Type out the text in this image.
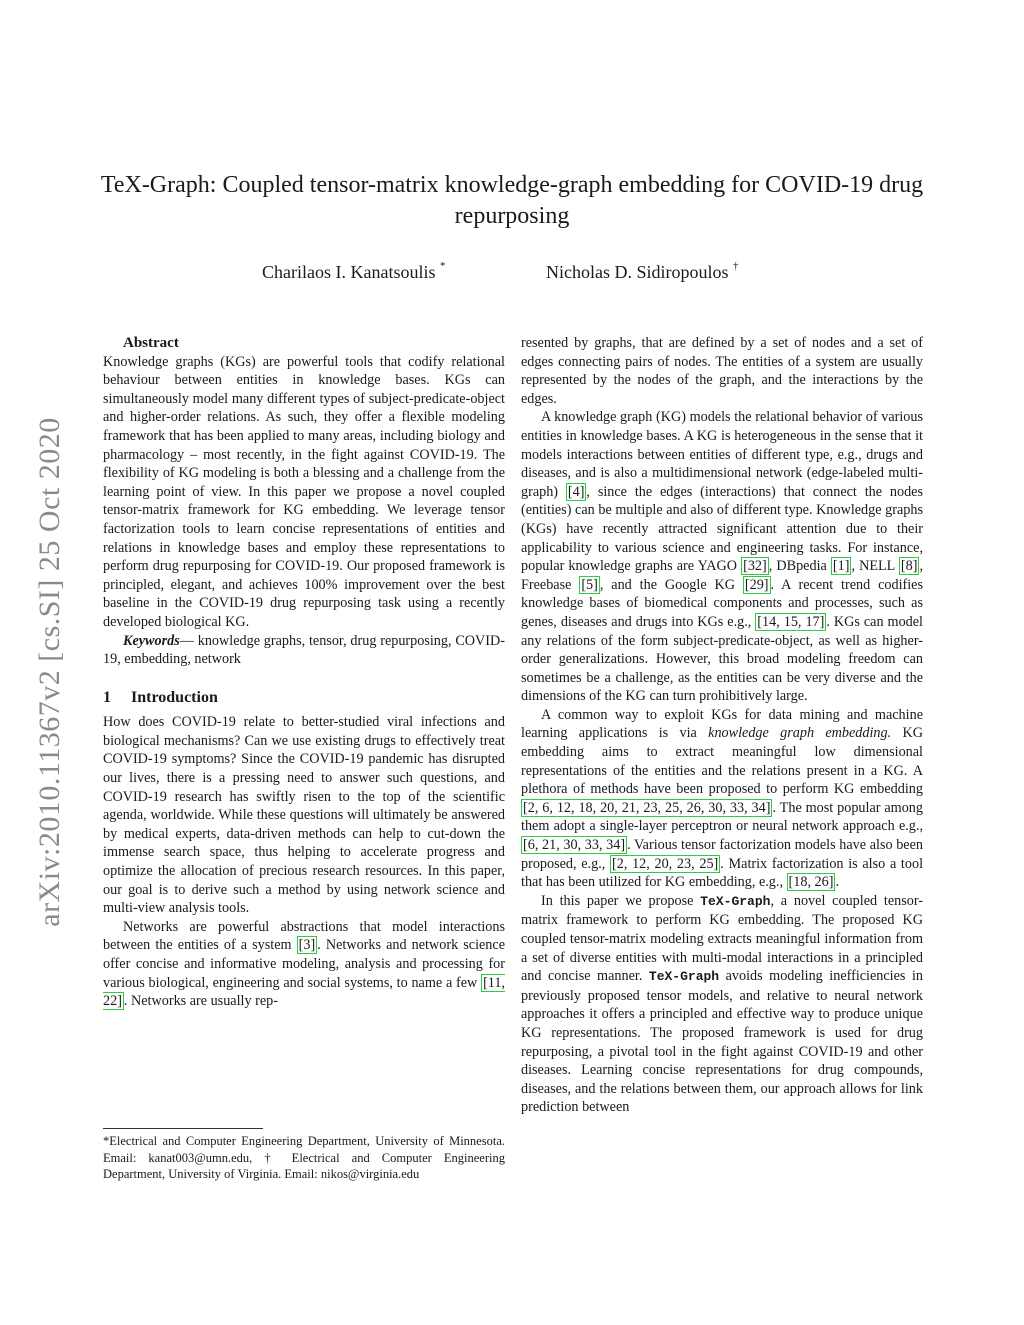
arXiv:2010.11367v2 [cs.SI] 25 Oct 2020
TeX-Graph: Coupled tensor-matrix knowledge-graph embedding for COVID-19 drug repurposing
Charilaos I. Kanatsoulis *	Nicholas D. Sidiropoulos †

Abstract

Knowledge graphs (KGs) are powerful tools that codify relational behaviour between entities in knowledge bases. KGs can simultaneously model many different types of subject-predicate-object and higher-order relations. As such, they offer a flexible modeling framework that has been applied to many areas, including biology and pharmacology – most recently, in the fight against COVID-19. The flexibility of KG modeling is both a blessing and a challenge from the learning point of view. In this paper we propose a novel coupled tensor-matrix framework for KG embedding. We leverage tensor factorization tools to learn concise representations of entities and relations in knowledge bases and employ these representations to perform drug repurposing for COVID-19. Our proposed framework is principled, elegant, and achieves 100% improvement over the best baseline in the COVID-19 drug repurposing task using a recently developed biological KG.

Keywords— knowledge graphs, tensor, drug repurposing, COVID-19, embedding, network

1 Introduction

How does COVID-19 relate to better-studied viral infections and biological mechanisms? Can we use existing drugs to effectively treat COVID-19 symptoms? Since the COVID-19 pandemic has disrupted our lives, there is a pressing need to answer such questions, and COVID-19 research has swiftly risen to the top of the scientific agenda, worldwide. While these questions will ultimately be answered by medical experts, data-driven methods can help to cut-down the immense search space, thus helping to accelerate progress and optimize the allocation of precious research resources. In this paper, our goal is to derive such a method by using network science and multi-view analysis tools.

Networks are powerful abstractions that model interactions between the entities of a system [3] . Networks and network science offer concise and informative modeling, analysis and processing for various biological, engineering and social systems, to name a few [11, 22] . Networks are usually rep-

*Electrical and Computer Engineering Department, University of Minnesota. Email: kanat003@umn.edu, † Electrical and Computer Engineering Department, University of Virginia. Email: nikos@virginia.edu

resented by graphs, that are defined by a set of nodes and a set of edges connecting pairs of nodes. The entities of a system are usually represented by the nodes of the graph, and the interactions by the edges.

A knowledge graph (KG) models the relational behavior of various entities in knowledge bases. A KG is heterogeneous in the sense that it models interactions between entities of different type, e.g., drugs and diseases, and is also a multidimensional network (edge-labeled multi-graph) [4] , since the edges (interactions) that connect the nodes (entities) can be multiple and also of different type. Knowledge graphs (KGs) have recently attracted significant attention due to their applicability to various science and engineering tasks. For instance, popular knowledge graphs are YAGO [32] , DBpedia [1] , NELL [8] , Freebase [5] , and the Google KG [29] . A recent trend codifies knowledge bases of biomedical components and processes, such as genes, diseases and drugs into KGs e.g., [14, 15, 17] . KGs can model any relations of the form subject-predicate-object, as well as higher-order generalizations. However, this broad modeling freedom can sometimes be a challenge, as the entities can be very diverse and the dimensions of the KG can turn prohibitively large.

A common way to exploit KGs for data mining and machine learning applications is via knowledge graph embedding. KG embedding aims to extract meaningful low dimensional representations of the entities and the relations present in a KG. A plethora of methods have been proposed to perform KG embedding [2, 6, 12, 18, 20, 21, 23, 25, 26, 30, 33, 34] . The most popular among them adopt a single-layer perceptron or neural network approach e.g., [6, 21, 30, 33, 34] . Various tensor factorization models have also been proposed, e.g., [2, 12, 20, 23, 25] . Matrix factorization is also a tool that has been utilized for KG embedding, e.g., [18, 26] .

In this paper we propose TeX-Graph, a novel coupled tensor-matrix framework to perform KG embedding. The proposed KG coupled tensor-matrix modeling extracts meaningful information from a set of diverse entities with multi-modal interactions in a principled and concise manner. TeX-Graph avoids modeling inefficiencies in previously proposed tensor models, and relative to neural network approaches it offers a principled and effective way to produce unique KG representations. The proposed framework is used for drug repurposing, a pivotal tool in the fight against COVID-19 and other diseases. Learning concise representations for drug compounds, diseases, and the relations between them, our approach allows for link prediction between
